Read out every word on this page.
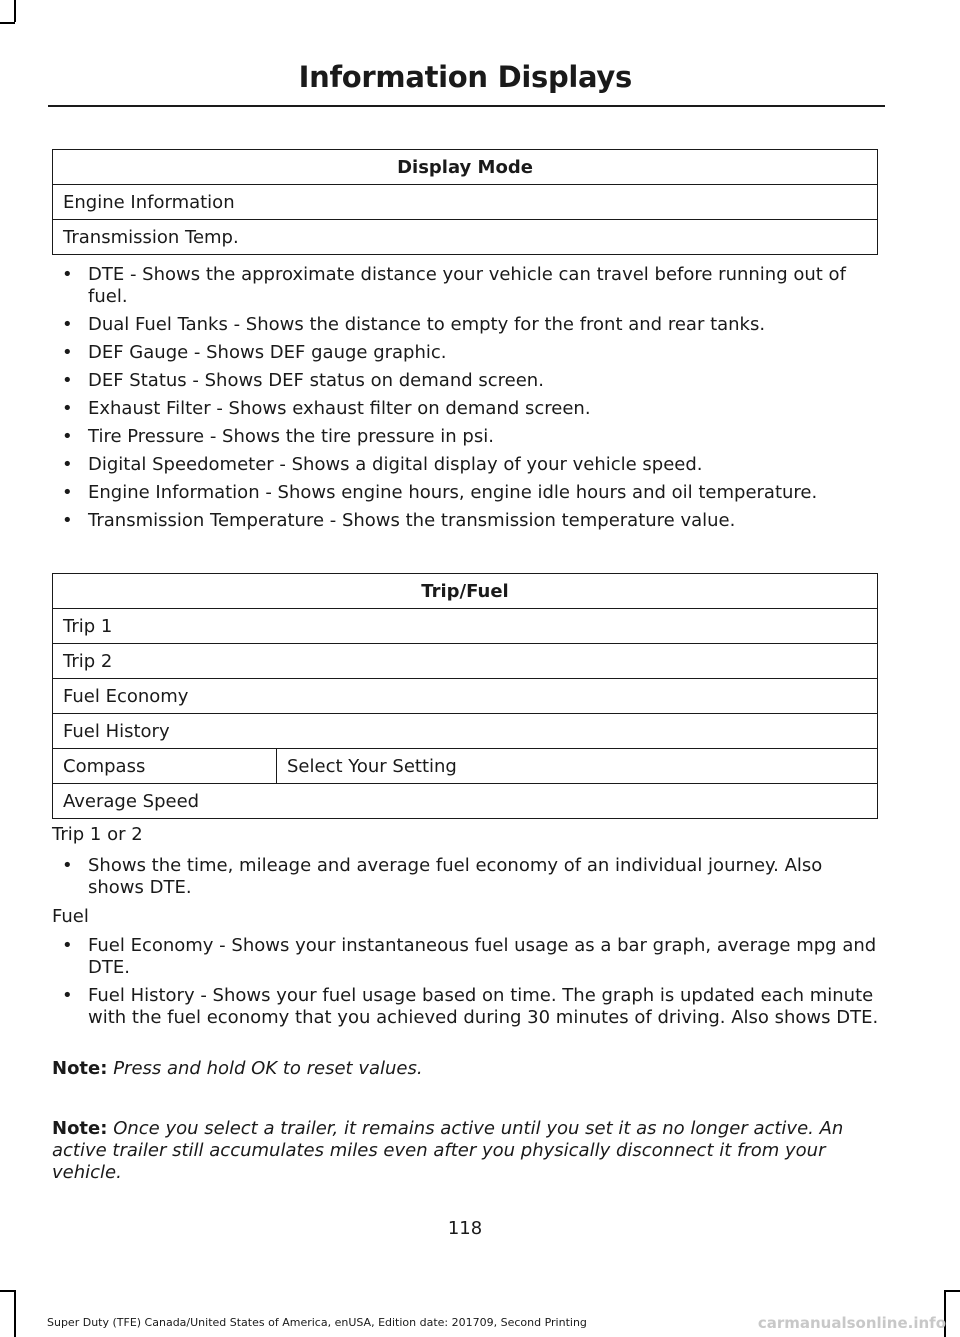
Information Displays
Display Mode
Engine Information
Transmission Temp.
• DTE - Shows the approximate distance your vehicle can travel before running out of fuel.
• Dual Fuel Tanks - Shows the distance to empty for the front and rear tanks.
• DEF Gauge - Shows DEF gauge graphic.
• DEF Status - Shows DEF status on demand screen.
• Exhaust Filter - Shows exhaust filter on demand screen.
• Tire Pressure - Shows the tire pressure in psi.
• Digital Speedometer - Shows a digital display of your vehicle speed.
• Engine Information - Shows engine hours, engine idle hours and oil temperature.
• Transmission Temperature - Shows the transmission temperature value.
Trip/Fuel
Trip 1
Trip 2
Fuel Economy
Fuel History
Compass	Select Your Setting
Average Speed

Trip 1 or 2

• Shows the time, mileage and average fuel economy of an individual journey. Also shows DTE.

Fuel

• Fuel Economy - Shows your instantaneous fuel usage as a bar graph, average mpg and DTE.
• Fuel History - Shows your fuel usage based on time. The graph is updated each minute with the fuel economy that you achieved during 30 minutes of driving. Also shows DTE.

Note: Press and hold OK to reset values.

Note: Once you select a trailer, it remains active until you set it as no longer active. An active trailer still accumulates miles even after you physically disconnect it from your vehicle.

118
Super Duty (TFE) Canada/United States of America, enUSA, Edition date: 201709, Second Printing	carmanualsonline.info
